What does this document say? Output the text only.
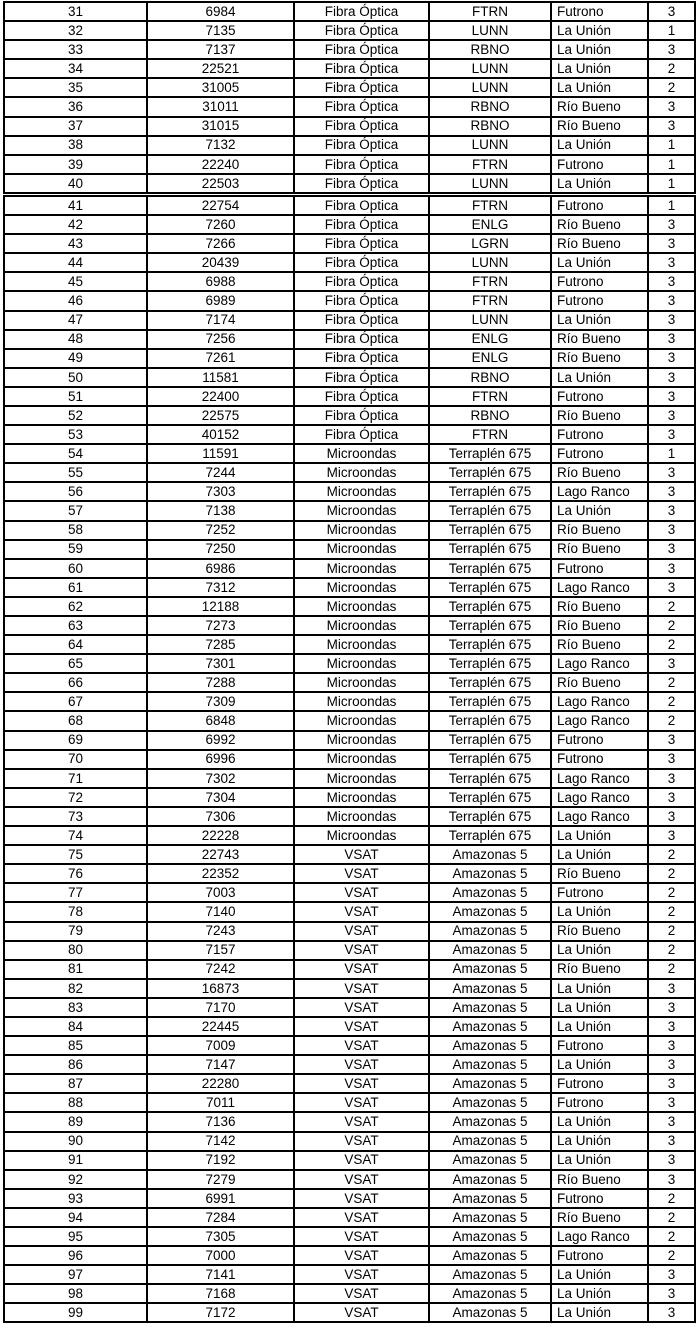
31	6984	Fibra Óptica	FTRN	Futrono	3
32	7135	Fibra Óptica	LUNN	La Unión	1
33	7137	Fibra Óptica	RBNO	La Unión	3
34	22521	Fibra Óptica	LUNN	La Unión	2
35	31005	Fibra Óptica	LUNN	La Unión	2
36	31011	Fibra Óptica	RBNO	Río Bueno	3
37	31015	Fibra Óptica	RBNO	Río Bueno	3
38	7132	Fibra Óptica	LUNN	La Unión	1
39	22240	Fibra Óptica	FTRN	Futrono	1
40	22503	Fibra Óptica	LUNN	La Unión	1
41	22754	Fibra Optica	FTRN	Futrono	1
42	7260	Fibra Óptica	ENLG	Río Bueno	3
43	7266	Fibra Óptica	LGRN	Río Bueno	3
44	20439	Fibra Óptica	LUNN	La Unión	3
45	6988	Fibra Óptica	FTRN	Futrono	3
46	6989	Fibra Óptica	FTRN	Futrono	3
47	7174	Fibra Óptica	LUNN	La Unión	3
48	7256	Fibra Óptica	ENLG	Río Bueno	3
49	7261	Fibra Óptica	ENLG	Río Bueno	3
50	11581	Fibra Óptica	RBNO	La Unión	3
51	22400	Fibra Óptica	FTRN	Futrono	3
52	22575	Fibra Óptica	RBNO	Río Bueno	3
53	40152	Fibra Óptica	FTRN	Futrono	3
54	11591	Microondas	Terraplén 675	Futrono	1
55	7244	Microondas	Terraplén 675	Río Bueno	3
56	7303	Microondas	Terraplén 675	Lago Ranco	3
57	7138	Microondas	Terraplén 675	La Unión	3
58	7252	Microondas	Terraplén 675	Río Bueno	3
59	7250	Microondas	Terraplén 675	Río Bueno	3
60	6986	Microondas	Terraplén 675	Futrono	3
61	7312	Microondas	Terraplén 675	Lago Ranco	3
62	12188	Microondas	Terraplén 675	Río Bueno	2
63	7273	Microondas	Terraplén 675	Río Bueno	2
64	7285	Microondas	Terraplén 675	Río Bueno	2
65	7301	Microondas	Terraplén 675	Lago Ranco	3
66	7288	Microondas	Terraplén 675	Río Bueno	2
67	7309	Microondas	Terraplén 675	Lago Ranco	2
68	6848	Microondas	Terraplén 675	Lago Ranco	2
69	6992	Microondas	Terraplén 675	Futrono	3
70	6996	Microondas	Terraplén 675	Futrono	3
71	7302	Microondas	Terraplén 675	Lago Ranco	3
72	7304	Microondas	Terraplén 675	Lago Ranco	3
73	7306	Microondas	Terraplén 675	Lago Ranco	3
74	22228	Microondas	Terraplén 675	La Unión	3
75	22743	VSAT	Amazonas 5	La Unión	2
76	22352	VSAT	Amazonas 5	Río Bueno	2
77	7003	VSAT	Amazonas 5	Futrono	2
78	7140	VSAT	Amazonas 5	La Unión	2
79	7243	VSAT	Amazonas 5	Río Bueno	2
80	7157	VSAT	Amazonas 5	La Unión	2
81	7242	VSAT	Amazonas 5	Río Bueno	2
82	16873	VSAT	Amazonas 5	La Unión	3
83	7170	VSAT	Amazonas 5	La Unión	3
84	22445	VSAT	Amazonas 5	La Unión	3
85	7009	VSAT	Amazonas 5	Futrono	3
86	7147	VSAT	Amazonas 5	La Unión	3
87	22280	VSAT	Amazonas 5	Futrono	3
88	7011	VSAT	Amazonas 5	Futrono	3
89	7136	VSAT	Amazonas 5	La Unión	3
90	7142	VSAT	Amazonas 5	La Unión	3
91	7192	VSAT	Amazonas 5	La Unión	3
92	7279	VSAT	Amazonas 5	Río Bueno	3
93	6991	VSAT	Amazonas 5	Futrono	2
94	7284	VSAT	Amazonas 5	Río Bueno	2
95	7305	VSAT	Amazonas 5	Lago Ranco	2
96	7000	VSAT	Amazonas 5	Futrono	2
97	7141	VSAT	Amazonas 5	La Unión	3
98	7168	VSAT	Amazonas 5	La Unión	3
99	7172	VSAT	Amazonas 5	La Unión	3
